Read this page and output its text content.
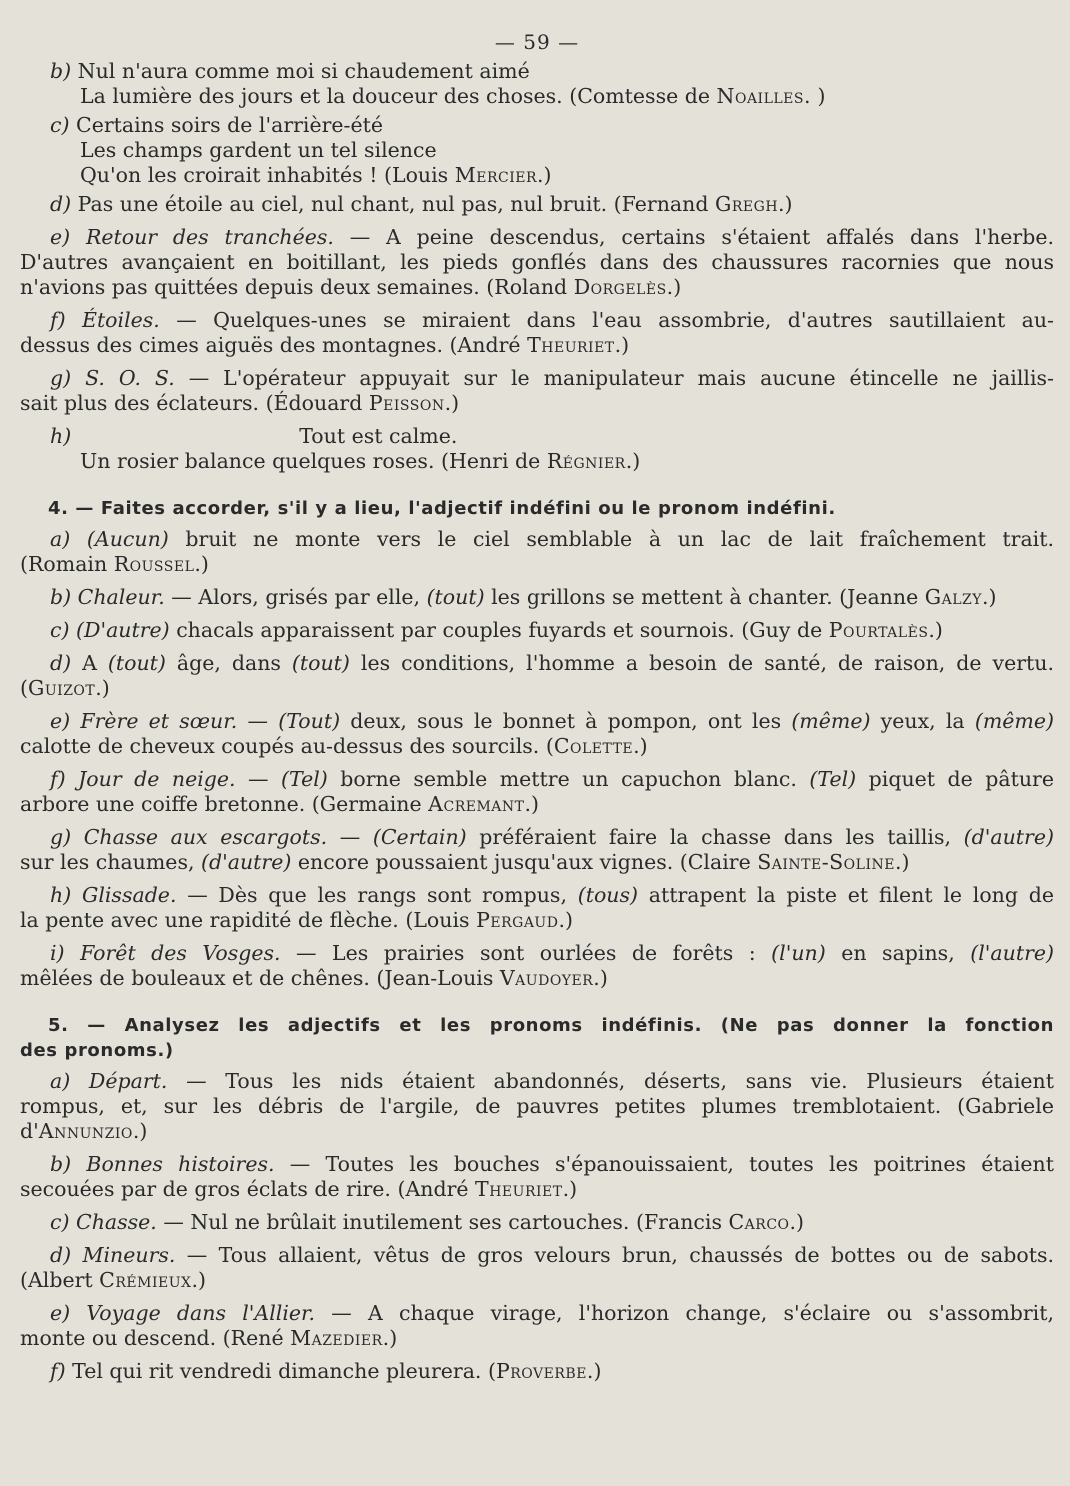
— 59 —
b) Nul n'aura comme moi si chaudement aimé
La lumière des jours et la douceur des choses. (Comtesse de Noailles. )
c) Certains soirs de l'arrière-été
Les champs gardent un tel silence
Qu'on les croirait inhabités ! (Louis Mercier.)
d) Pas une étoile au ciel, nul chant, nul pas, nul bruit. (Fernand Gregh.)
e) Retour des tranchées. — A peine descendus, certains s'étaient affalés dans l'herbe.
D'autres avançaient en boitillant, les pieds gonflés dans des chaussures racornies que nous
n'avions pas quittées depuis deux semaines. (Roland Dorgelès.)
f) Étoiles. — Quelques-unes se miraient dans l'eau assombrie, d'autres sautillaient au-
dessus des cimes aiguës des montagnes. (André Theuriet.)
g) S. O. S. — L'opérateur appuyait sur le manipulateur mais aucune étincelle ne jaillis-
sait plus des éclateurs. (Édouard Peisson.)
h)	Tout est calme.
Un rosier balance quelques roses. (Henri de Régnier.)
4. — Faites accorder, s'il y a lieu, l'adjectif indéfini ou le pronom indéfini.
a) (Aucun) bruit ne monte vers le ciel semblable à un lac de lait fraîchement trait.
(Romain Roussel.)
b) Chaleur. — Alors, grisés par elle, (tout) les grillons se mettent à chanter. (Jeanne Galzy.)
c) (D'autre) chacals apparaissent par couples fuyards et sournois. (Guy de Pourtalès.)
d) A (tout) âge, dans (tout) les conditions, l'homme a besoin de santé, de raison, de vertu.
(Guizot.)
e) Frère et sœur. — (Tout) deux, sous le bonnet à pompon, ont les (même) yeux, la (même)
calotte de cheveux coupés au-dessus des sourcils. (Colette.)
f) Jour de neige. — (Tel) borne semble mettre un capuchon blanc. (Tel) piquet de pâture
arbore une coiffe bretonne. (Germaine Acremant.)
g) Chasse aux escargots. — (Certain) préféraient faire la chasse dans les taillis, (d'autre)
sur les chaumes, (d'autre) encore poussaient jusqu'aux vignes. (Claire Sainte-Soline.)
h) Glissade. — Dès que les rangs sont rompus, (tous) attrapent la piste et filent le long de
la pente avec une rapidité de flèche. (Louis Pergaud.)
i) Forêt des Vosges. — Les prairies sont ourlées de forêts : (l'un) en sapins, (l'autre)
mêlées de bouleaux et de chênes. (Jean-Louis Vaudoyer.)
5. — Analysez les adjectifs et les pronoms indéfinis. (Ne pas donner la fonction
des pronoms.)
a) Départ. — Tous les nids étaient abandonnés, déserts, sans vie. Plusieurs étaient
rompus, et, sur les débris de l'argile, de pauvres petites plumes tremblotaient. (Gabriele
d'Annunzio.)
b) Bonnes histoires. — Toutes les bouches s'épanouissaient, toutes les poitrines étaient
secouées par de gros éclats de rire. (André Theuriet.)
c) Chasse. — Nul ne brûlait inutilement ses cartouches. (Francis Carco.)
d) Mineurs. — Tous allaient, vêtus de gros velours brun, chaussés de bottes ou de sabots.
(Albert Crémieux.)
e) Voyage dans l'Allier. — A chaque virage, l'horizon change, s'éclaire ou s'assombrit,
monte ou descend. (René Mazedier.)
f) Tel qui rit vendredi dimanche pleurera. (Proverbe.)
